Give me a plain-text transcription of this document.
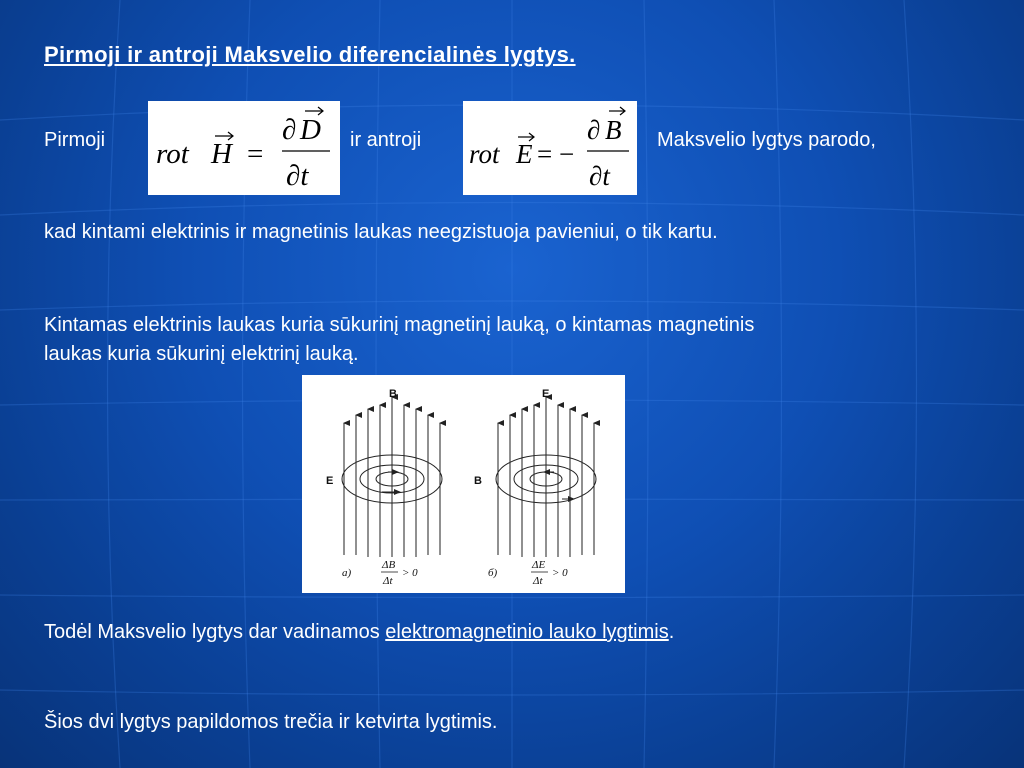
Pirmoji ir antroji Maksvelio diferencialinės lygtys.
Pirmoji rot H =
∂ D
∂t
ir antroji rot E = −
∂ B
∂t
Maksvelio lygtys parodo,
kad kintami elektrinis ir magnetinis laukas neegzistuoja pavieniui, o tik kartu.
Kintamas elektrinis laukas kuria sūkurinį magnetinį lauką, o kintamas magnetinis
laukas kuria sūkurinį elektrinį lauką.
B
E
E
B
a)
ΔB
Δt
> 0	б)
ΔE
Δt
> 0
Todėl Maksvelio lygtys dar vadinamos elektromagnetinio lauko lygtimis.
Šios dvi lygtys papildomos trečia ir ketvirta lygtimis.
